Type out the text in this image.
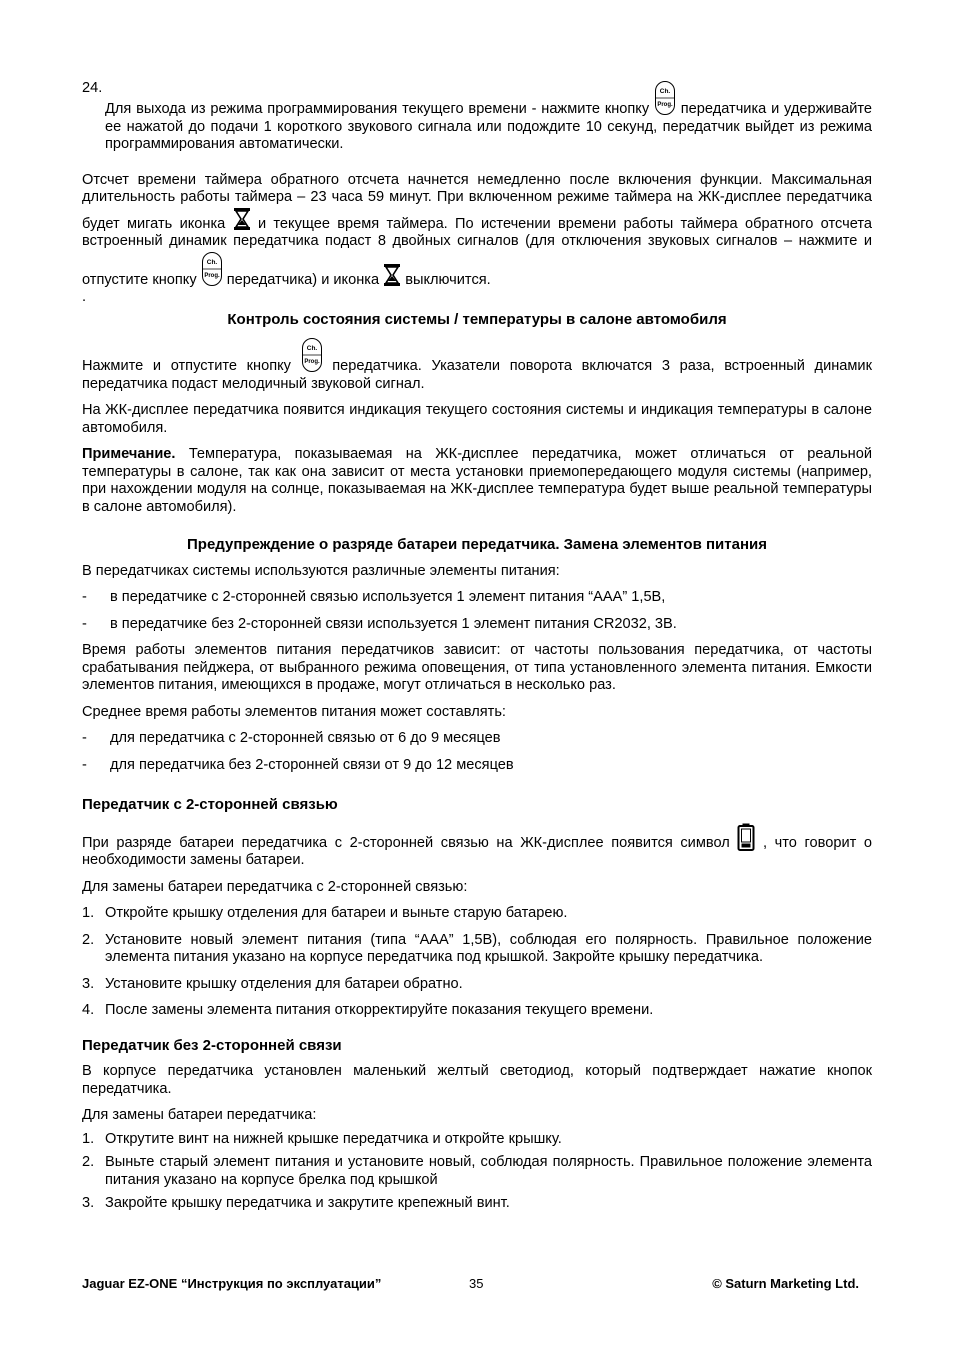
24.
Для выхода из режима программирования текущего времени - нажмите кнопку
Ch.
Prog. передатчика и удерживайте ее нажатой до подачи 1 короткого звукового сигнала или подождите 10 секунд, передатчик выйдет из режима программирования автоматически.

Отсчет времени таймера обратного отсчета начнется немедленно после включения функции. Максимальная длительность работы таймера – 23 часа 59 минут. При включенном режиме таймера на ЖК-дисплее передатчика будет мигать иконка и текущее время таймера. По истечении времени работы таймера обратного отсчета встроенный динамик передатчика подаст 8 двойных сигналов (для отключения звуковых сигналов – нажмите и отпустите кнопку
Ch.
Prog. передатчика) и иконка выключится.

.

Контроль состояния системы / температуры в салоне автомобиля

Нажмите и отпустите кнопку
Ch.
Prog. передатчика. Указатели поворота включатся 3 раза, встроенный динамик передатчика подаст мелодичный звуковой сигнал.

На ЖК-дисплее передатчика появится индикация текущего состояния системы и индикация температуры в салоне автомобиля.

Примечание. Температура, показываемая на ЖК-дисплее передатчика, может отличаться от реальной температуры в салоне, так как она зависит от места установки приемопередающего модуля системы (например, при нахождении модуля на солнце, показываемая на ЖК-дисплее температура будет выше реальной температуры в салоне автомобиля).

Предупреждение о разряде батареи передатчика. Замена элементов питания

В передатчиках системы используются различные элементы питания:

- в передатчике с 2-сторонней связью используется 1 элемент питания “AAA” 1,5В,
- в передатчике без 2-сторонней связи используется 1 элемент питания CR2032, 3В.

Время работы элементов питания передатчиков зависит: от частоты пользования передатчика, от частоты срабатывания пейджера, от выбранного режима оповещения, от типа установленного элемента питания. Емкости элементов питания, имеющихся в продаже, могут отличаться в несколько раз.

Среднее время работы элементов питания может составлять:

- для передатчика с 2-сторонней связью от 6 до 9 месяцев
- для передатчика без 2-сторонней связи от 9 до 12 месяцев
Передатчик с 2-сторонней связью

При разряде батареи передатчика с 2-сторонней связью на ЖК-дисплее появится символ , что говорит о необходимости замены батареи.

Для замены батареи передатчика с 2-сторонней связью:

1. Откройте крышку отделения для батареи и выньте старую батарею.
2. Установите новый элемент питания (типа “AAA” 1,5В), соблюдая его полярность. Правильное положение элемента питания указано на корпусе передатчика под крышкой. Закройте крышку передатчика.
3. Установите крышку отделения для батареи обратно.
4. После замены элемента питания откорректируйте показания текущего времени.
Передатчик без 2-сторонней связи

В корпусе передатчика установлен маленький желтый светодиод, который подтверждает нажатие кнопок передатчика.

Для замены батареи передатчика:

1. Открутите винт на нижней крышке передатчика и откройте крышку.
2. Выньте старый элемент питания и установите новый, соблюдая полярность. Правильное положение элемента питания указано на корпусе брелка под крышкой
3. Закройте крышку передатчика и закрутите крепежный винт.
Jaguar EZ-ONE “Инструкция по эксплуатации”	35	© Saturn Marketing Ltd.
